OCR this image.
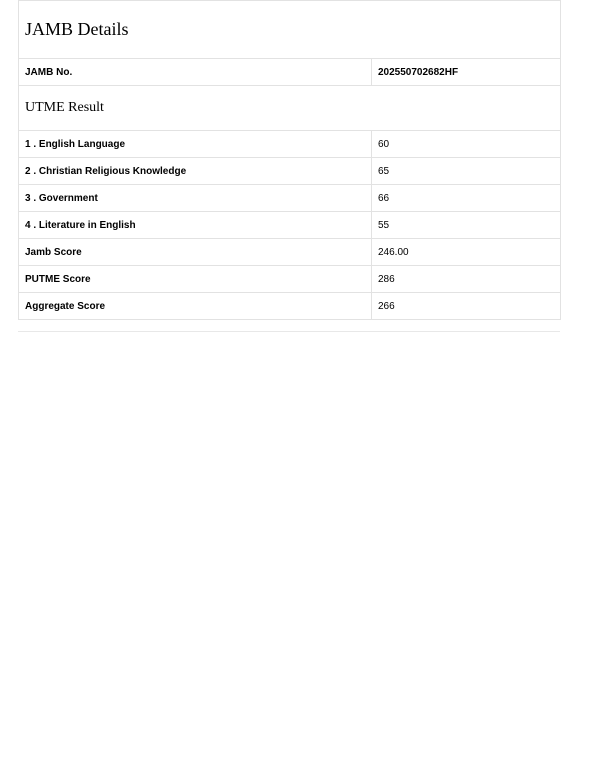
JAMB Details	
JAMB No.	202550702682HF
UTME Result	
1 . English Language	60
2 . Christian Religious Knowledge	65
3 . Government	66
4 . Literature in English	55
Jamb Score	246.00
PUTME Score	286
Aggregate Score	266
